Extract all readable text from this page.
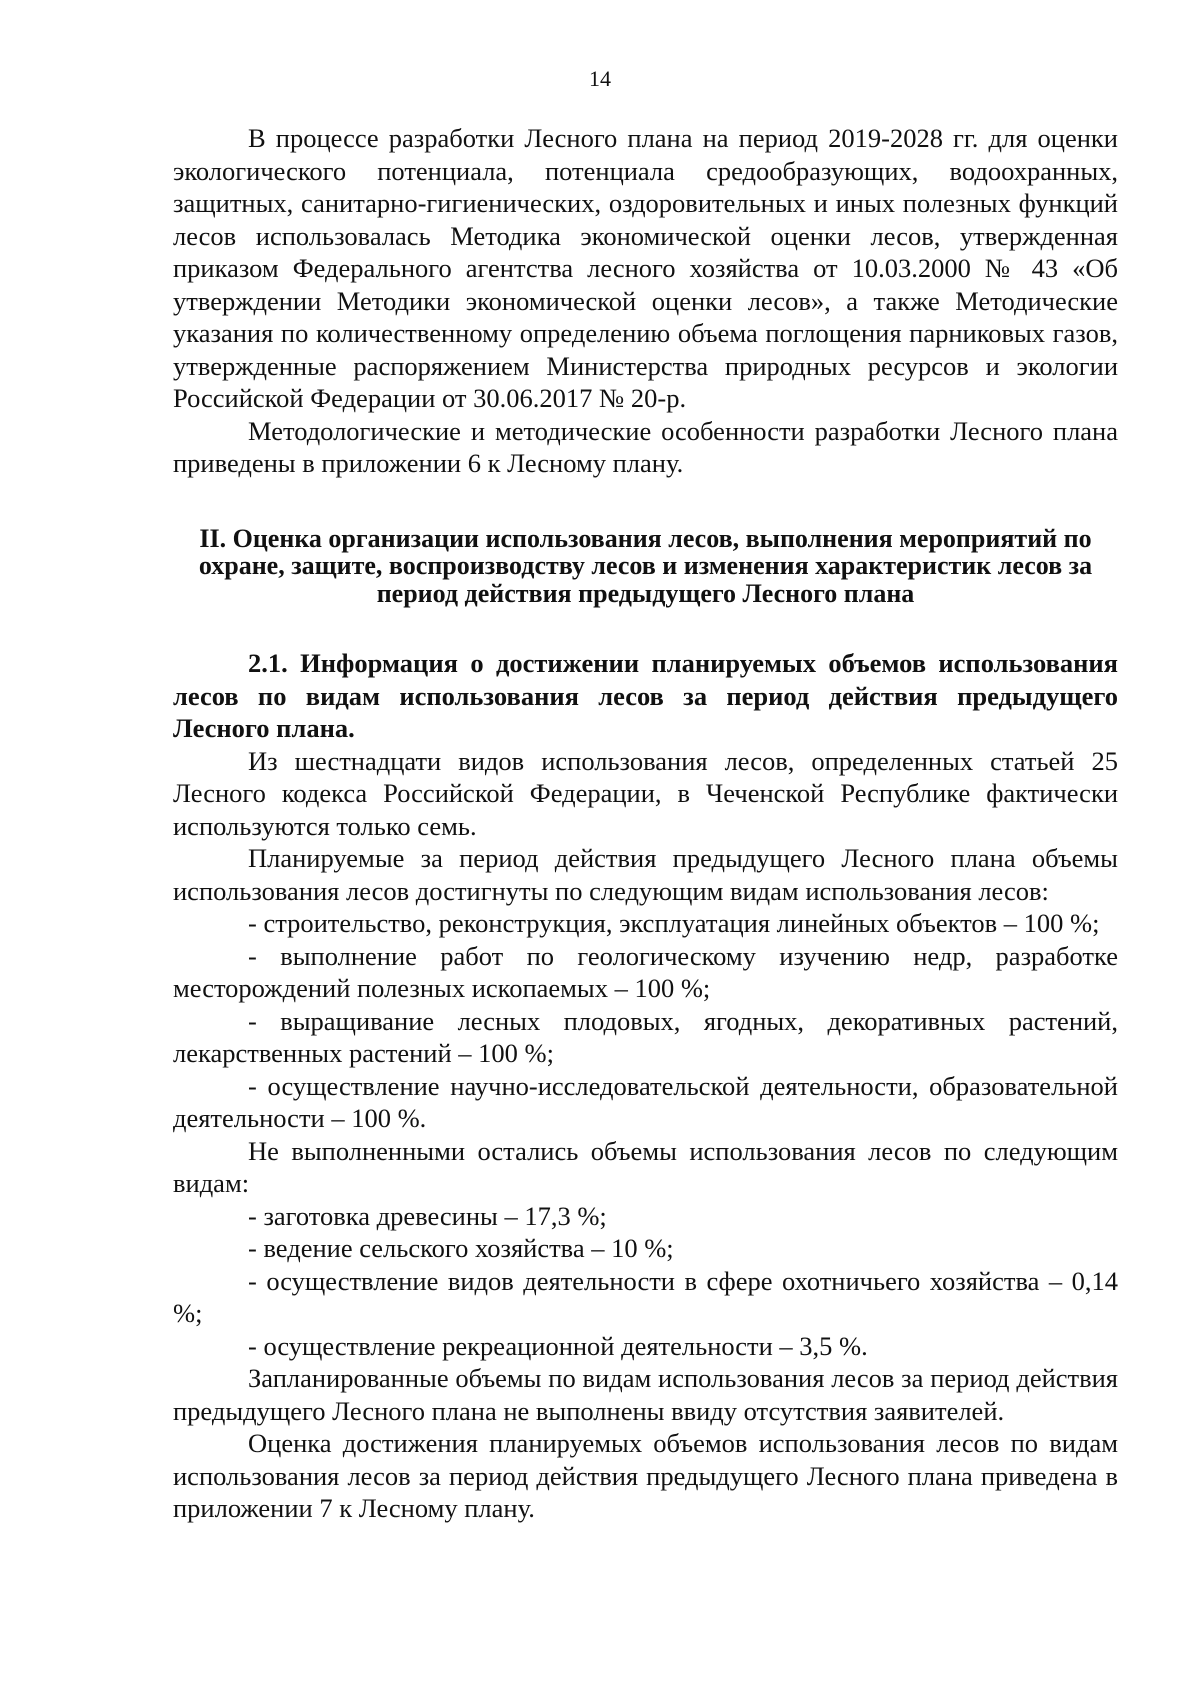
14

В процессе разработки Лесного плана на период 2019-2028 гг. для оценки экологического потенциала, потенциала средообразующих, водоохранных, защитных, санитарно-гигиенических, оздоровительных и иных полезных функций лесов использовалась Методика экономической оценки лесов, утвержденная приказом Федерального агентства лесного хозяйства от 10.03.2000 № 43 «Об утверждении Методики экономической оценки лесов», а также Методические указания по количественному определению объема поглощения парниковых газов, утвержденные распоряжением Министерства природных ресурсов и экологии Российской Федерации от 30.06.2017 № 20-р.

Методологические и методические особенности разработки Лесного плана приведены в приложении 6 к Лесному плану.

II. Оценка организации использования лесов, выполнения мероприятий по охране, защите, воспроизводству лесов и изменения характеристик лесов за период действия предыдущего Лесного плана

2.1. Информация о достижении планируемых объемов использования лесов по видам использования лесов за период действия предыдущего Лесного плана.

Из шестнадцати видов использования лесов, определенных статьей 25 Лесного кодекса Российской Федерации, в Чеченской Республике фактически используются только семь.

Планируемые за период действия предыдущего Лесного плана объемы использования лесов достигнуты по следующим видам использования лесов:

- строительство, реконструкция, эксплуатация линейных объектов – 100 %;

- выполнение работ по геологическому изучению недр, разработке месторождений полезных ископаемых – 100 %;

- выращивание лесных плодовых, ягодных, декоративных растений, лекарственных растений – 100 %;

- осуществление научно-исследовательской деятельности, образовательной деятельности – 100 %.

Не выполненными остались объемы использования лесов по следующим видам:

- заготовка древесины – 17,3 %;

- ведение сельского хозяйства – 10 %;

- осуществление видов деятельности в сфере охотничьего хозяйства – 0,14 %;

- осуществление рекреационной деятельности – 3,5 %.

Запланированные объемы по видам использования лесов за период действия предыдущего Лесного плана не выполнены ввиду отсутствия заявителей.

Оценка достижения планируемых объемов использования лесов по видам использования лесов за период действия предыдущего Лесного плана приведена в приложении 7 к Лесному плану.
